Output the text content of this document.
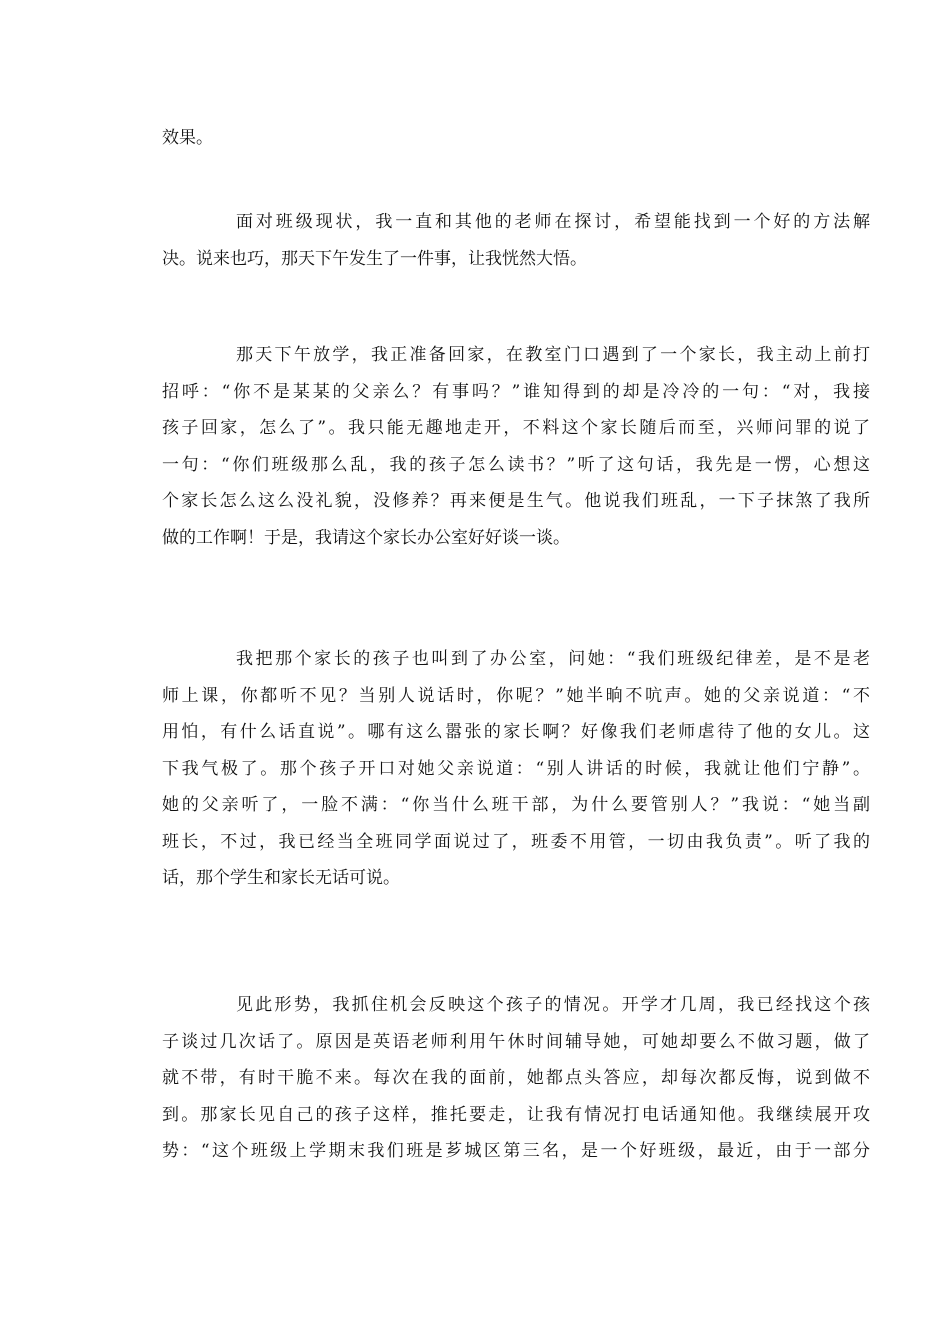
效果。
面对班级现状，我一直和其他的老师在探讨，希望能找到一个好的方法解
决。说来也巧，那天下午发生了一件事，让我恍然大悟。
那天下午放学，我正准备回家，在教室门口遇到了一个家长，我主动上前打
招呼：“你不是某某的父亲么？有事吗？”谁知得到的却是冷冷的一句：“对，我接
孩子回家，怎么了”。我只能无趣地走开，不料这个家长随后而至，兴师问罪的说了
一句：“你们班级那么乱，我的孩子怎么读书？”听了这句话，我先是一愣，心想这
个家长怎么这么没礼貌，没修养？再来便是生气。他说我们班乱，一下子抹煞了我所
做的工作啊！于是，我请这个家长办公室好好谈一谈。
我把那个家长的孩子也叫到了办公室，问她：“我们班级纪律差，是不是老
师上课，你都听不见？当别人说话时，你呢？”她半晌不吭声。她的父亲说道：“不
用怕，有什么话直说”。哪有这么嚣张的家长啊？好像我们老师虐待了他的女儿。这
下我气极了。那个孩子开口对她父亲说道：“别人讲话的时候，我就让他们宁静”。
她的父亲听了，一脸不满：“你当什么班干部，为什么要管别人？”我说：“她当副
班长，不过，我已经当全班同学面说过了，班委不用管，一切由我负责”。听了我的
话，那个学生和家长无话可说。
见此形势，我抓住机会反映这个孩子的情况。开学才几周，我已经找这个孩
子谈过几次话了。原因是英语老师利用午休时间辅导她，可她却要么不做习题，做了
就不带，有时干脆不来。每次在我的面前，她都点头答应，却每次都反悔，说到做不
到。那家长见自己的孩子这样，推托要走，让我有情况打电话通知他。我继续展开攻
势：“这个班级上学期末我们班是芗城区第三名，是一个好班级，最近，由于一部分
